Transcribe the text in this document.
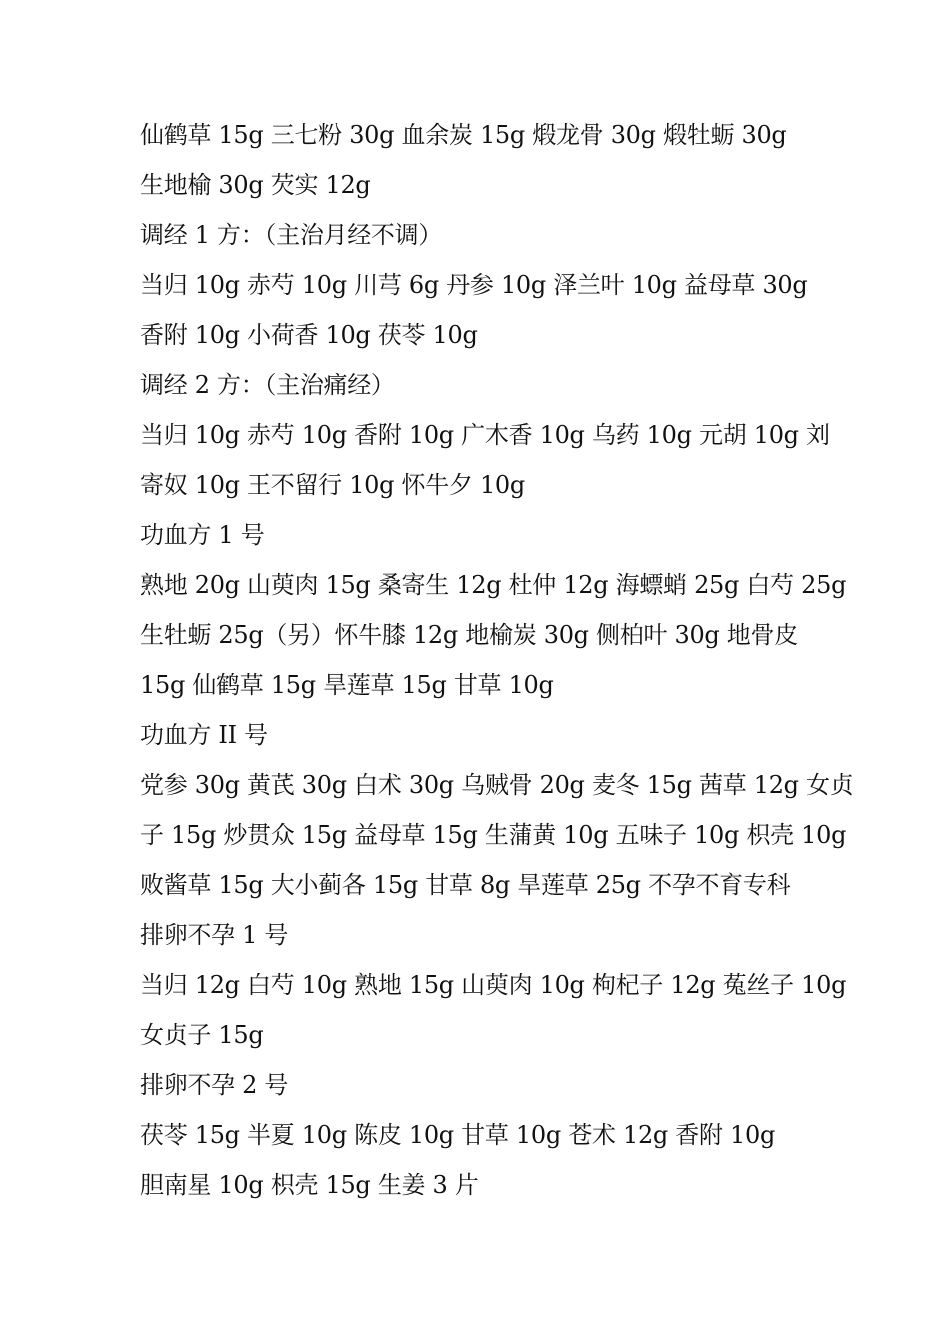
仙鹤草 15g 三七粉 30g 血余炭 15g 煅龙骨 30g 煅牡蛎 30g
生地榆 30g 芡实 12g
调经 1 方：（主治月经不调）
当归 10g 赤芍 10g 川芎 6g 丹参 10g 泽兰叶 10g 益母草 30g
香附 10g 小荷香 10g 茯苓 10g
调经 2 方：（主治痛经）
当归 10g 赤芍 10g 香附 10g 广木香 10g 乌药 10g 元胡 10g 刘
寄奴 10g 王不留行 10g 怀牛夕 10g
功血方 1 号
熟地 20g 山萸肉 15g 桑寄生 12g 杜仲 12g 海螵蛸 25g 白芍 25g
生牡蛎 25g（另）怀牛膝 12g 地榆炭 30g 侧柏叶 30g 地骨皮
15g 仙鹤草 15g 旱莲草 15g 甘草 10g
功血方 II 号
党参 30g 黄芪 30g 白术 30g 乌贼骨 20g 麦冬 15g 茜草 12g 女贞
子 15g 炒贯众 15g 益母草 15g 生蒲黄 10g 五味子 10g 枳壳 10g
败酱草 15g 大小蓟各 15g 甘草 8g 旱莲草 25g 不孕不育专科
排卵不孕 1 号
当归 12g 白芍 10g 熟地 15g 山萸肉 10g 枸杞子 12g 菟丝子 10g
女贞子 15g
排卵不孕 2 号
茯苓 15g 半夏 10g 陈皮 10g 甘草 10g 苍术 12g 香附 10g
胆南星 10g 枳壳 15g 生姜 3 片
